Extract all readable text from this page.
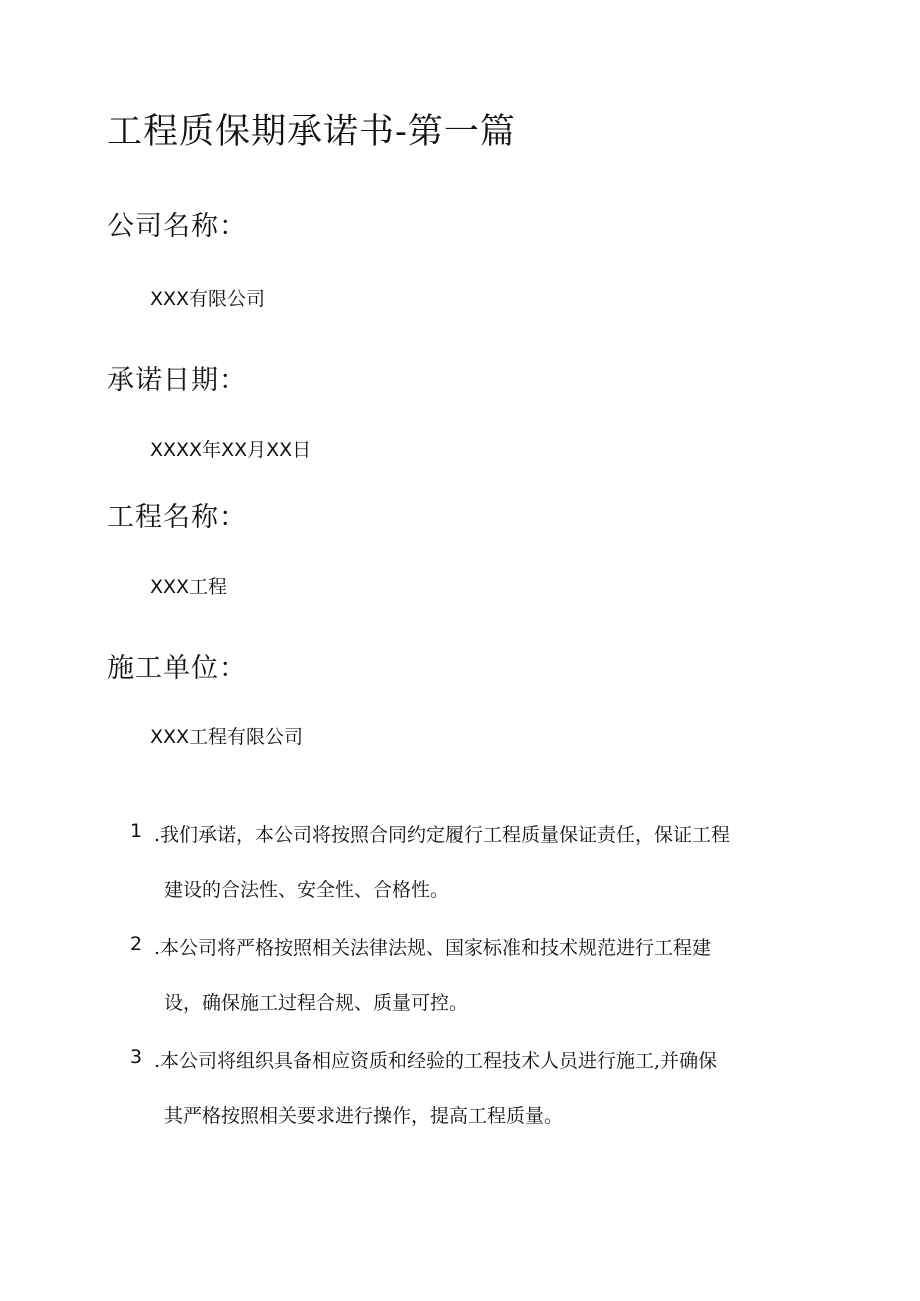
工程质保期承诺书-第一篇
公司名称：
XXX有限公司
承诺日期：
XXXX年XX月XX日
工程名称：
XXX工程
施工单位：
XXX工程有限公司
1 .我们承诺，本公司将按照合同约定履行工程质量保证责任，保证工程
建设的合法性、安全性、合格性。
2 .本公司将严格按照相关法律法规、国家标准和技术规范进行工程建
设，确保施工过程合规、质量可控。
3 .本公司将组织具备相应资质和经验的工程技术人员进行施工,并确保
其严格按照相关要求进行操作，提高工程质量。
